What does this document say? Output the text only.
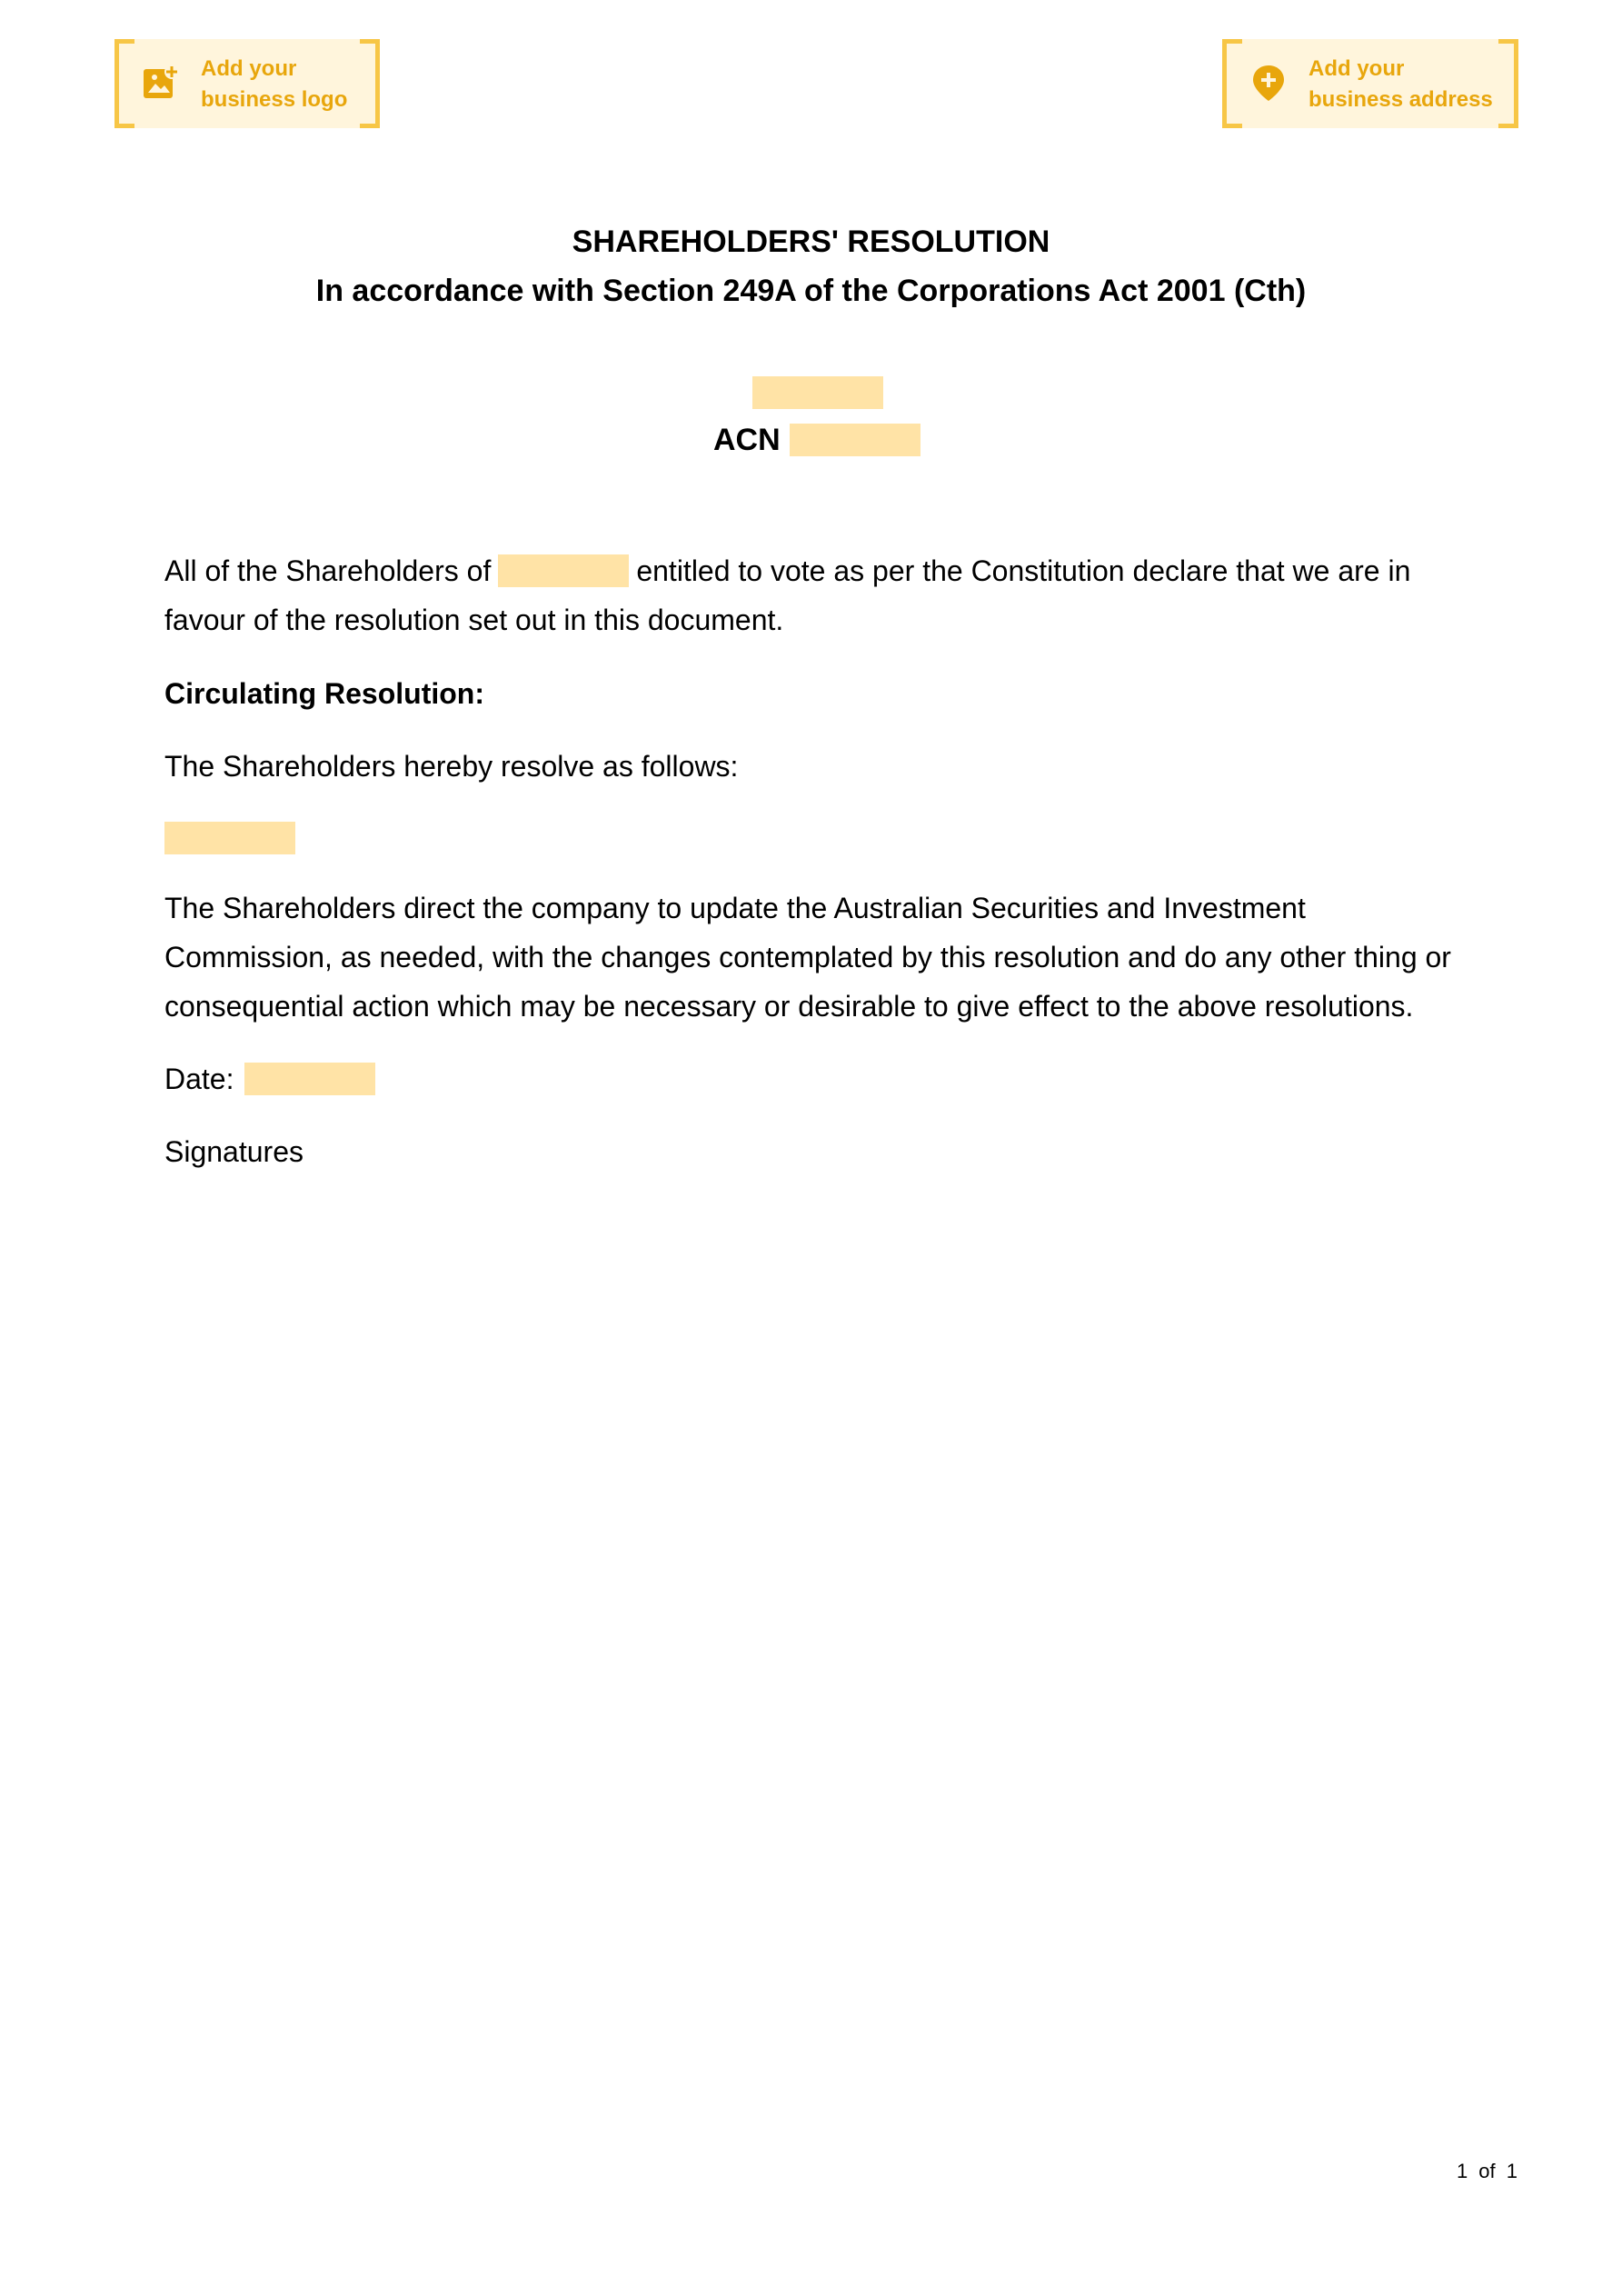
Add your
business logo
Add your
business address
SHAREHOLDERS' RESOLUTION
In accordance with Section 249A of the Corporations Act 2001 (Cth)
ACN
All of the Shareholders of	entitled to vote as per the Constitution declare that we are in favour of the resolution set out in this document.
Circulating Resolution:
The Shareholders hereby resolve as follows:
The Shareholders direct the company to update the Australian Securities and Investment Commission, as needed, with the changes contemplated by this resolution and do any other thing or consequential action which may be necessary or desirable to give effect to the above resolutions.
Date:
Signatures
1 of 1
